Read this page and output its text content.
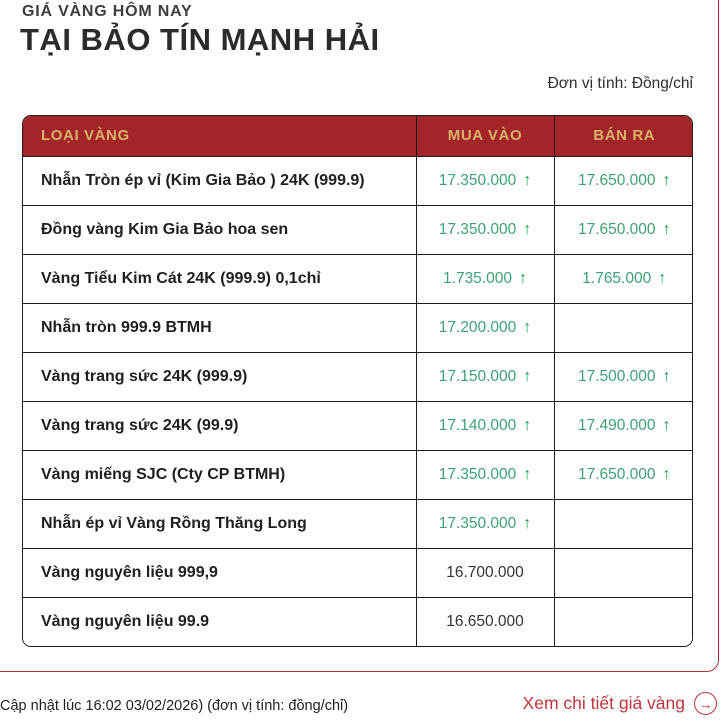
GIÁ VÀNG HÔM NAY
TẠI BẢO TÍN MẠNH HẢI
Đơn vị tính: Đồng/chỉ
LOẠI VÀNG	MUA VÀO	BÁN RA
Nhẫn Tròn ép vỉ (Kim Gia Bảo ) 24K (999.9)	17.350.000 ↑	17.650.000 ↑

Đồng vàng Kim Gia Bảo hoa sen	17.350.000 ↑	17.650.000 ↑

Vàng Tiểu Kim Cát 24K (999.9) 0,1chỉ	1.735.000 ↑	1.765.000 ↑

Nhẫn tròn 999.9 BTMH	17.200.000 ↑	

Vàng trang sức 24K (999.9)	17.150.000 ↑	17.500.000 ↑

Vàng trang sức 24K (99.9)	17.140.000 ↑	17.490.000 ↑

Vàng miếng SJC (Cty CP BTMH)	17.350.000 ↑	17.650.000 ↑

Nhẫn ép vỉ Vàng Rồng Thăng Long	17.350.000 ↑	

Vàng nguyên liệu 999,9	16.700.000	

Vàng nguyên liệu 99.9	16.650.000	

Cập nhật lúc 16:02 03/02/2026) (đơn vị tính: đồng/chỉ)	Xem chi tiết giá vàng →
